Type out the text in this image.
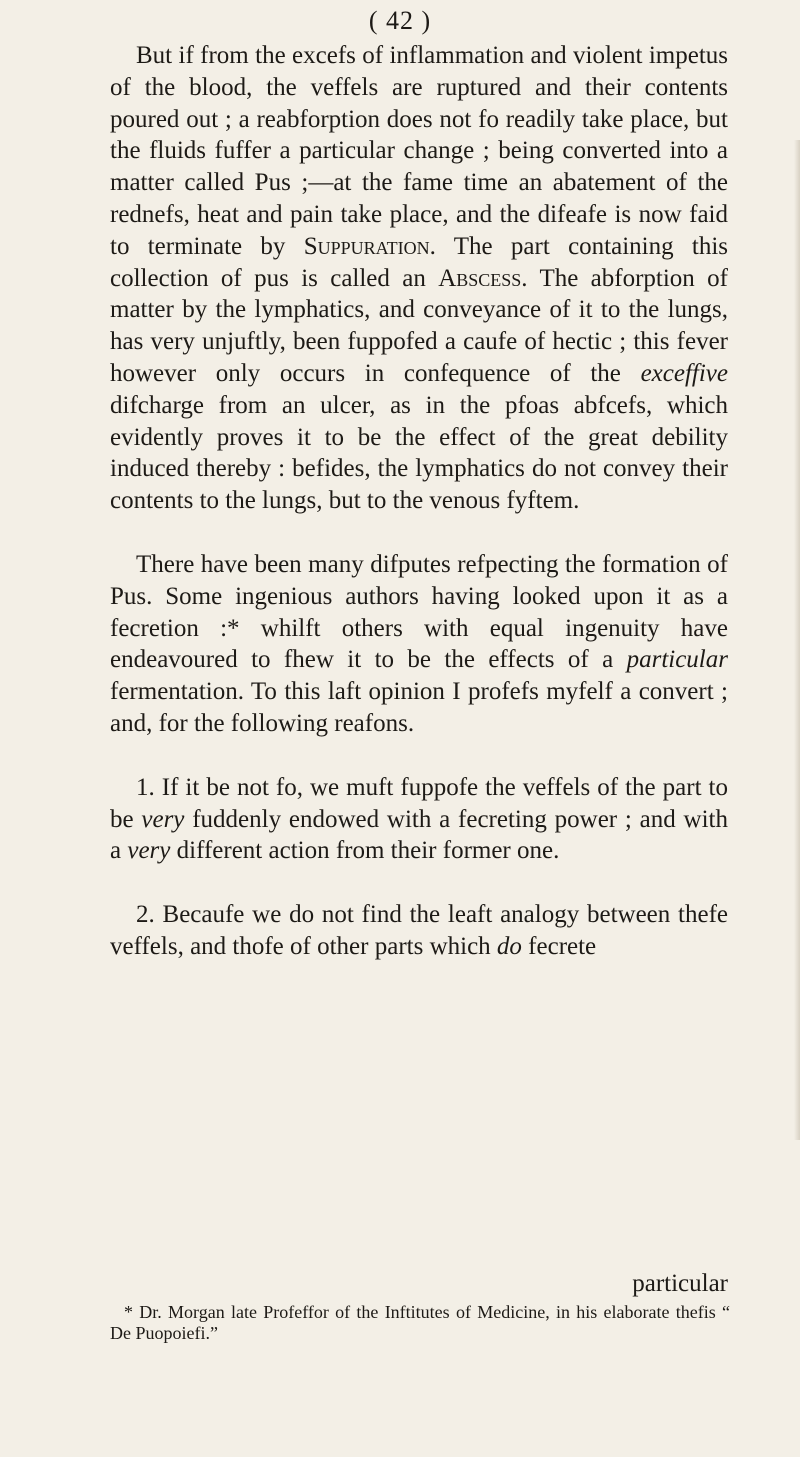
( 42 )

But if from the excefs of inflammation and violent impetus of the blood, the veffels are ruptured and their contents poured out ; a reabforption does not fo readily take place, but the fluids fuffer a particular change ; being converted into a matter called Pus ;—at the fame time an abatement of the rednefs, heat and pain take place, and the difeafe is now faid to terminate by Suppuration. The part containing this collection of pus is called an Abscess. The abforption of matter by the lymphatics, and conveyance of it to the lungs, has very unjuftly, been fuppofed a caufe of hectic ; this fever however only occurs in confequence of the exceffive difcharge from an ulcer, as in the pfoas abfcefs, which evidently proves it to be the effect of the great debility induced thereby : befides, the lymphatics do not convey their contents to the lungs, but to the venous fyftem.

There have been many difputes refpecting the formation of Pus. Some ingenious authors having looked upon it as a fecretion :* whilft others with equal ingenuity have endeavoured to fhew it to be the effects of a particular fermentation. To this laft opinion I profefs myfelf a convert ; and, for the following reafons.

1. If it be not fo, we muft fuppofe the veffels of the part to be very fuddenly endowed with a fecreting power ; and with a very different action from their former one.

2. Becaufe we do not find the leaft analogy between thefe veffels, and thofe of other parts which do fecrete

particular
* Dr. Morgan late Profeffor of the Inftitutes of Medicine, in his elaborate thefis “ De Puopoiefi.”
